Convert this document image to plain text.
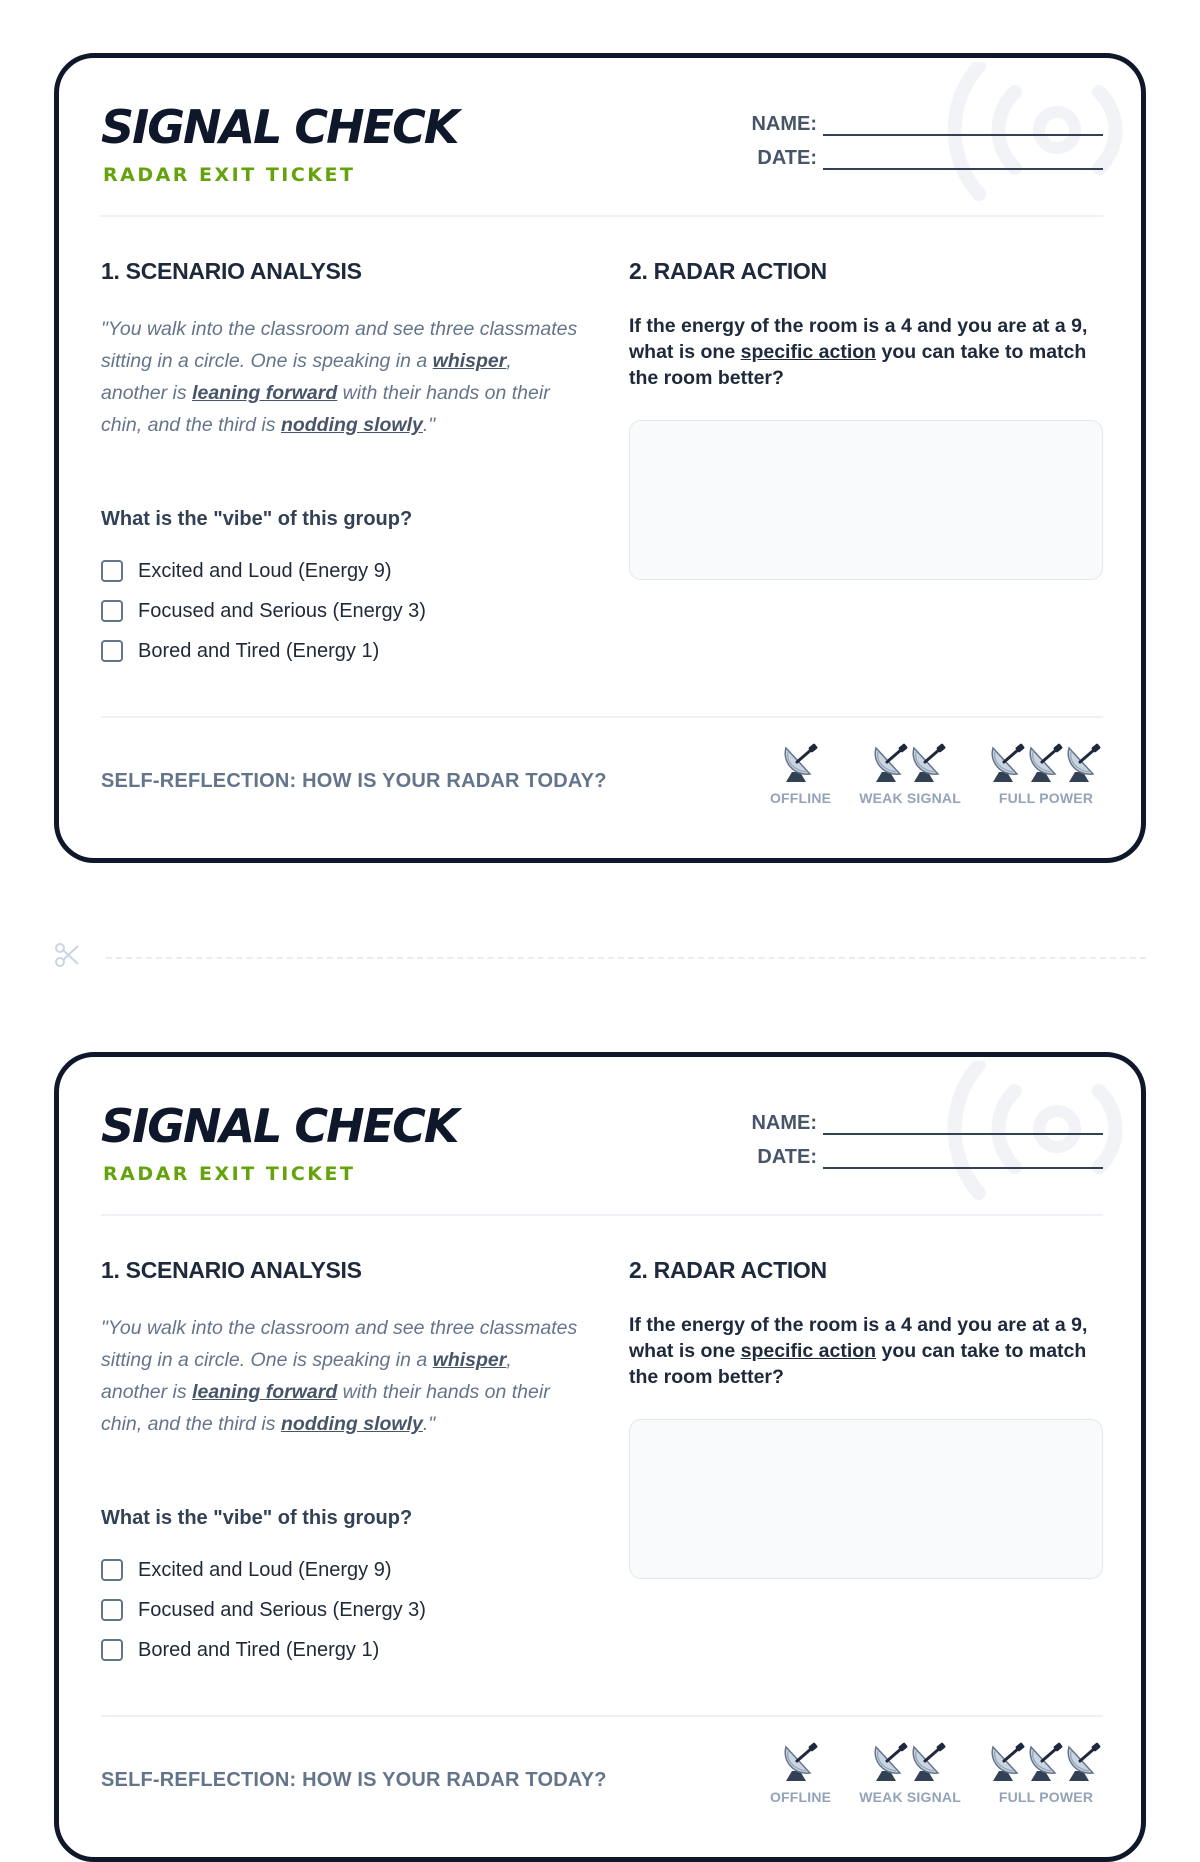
SIGNAL CHECK
RADAR EXIT TICKET
NAME:
DATE:
1. SCENARIO ANALYSIS

"You walk into the classroom and see three classmates sitting in a circle. One is speaking in a whisper, another is leaning forward with their hands on their chin, and the third is nodding slowly."

What is the "vibe" of this group?

Excited and Loud (Energy 9)
Focused and Serious (Energy 3)
Bored and Tired (Energy 1)
2. RADAR ACTION

If the energy of the room is a 4 and you are at a 9, what is one specific action you can take to match the room better?

SELF-REFLECTION: HOW IS YOUR RADAR TODAY?

OFFLINE WEAK SIGNAL	FULL POWER
SIGNAL CHECK
RADAR EXIT TICKET
NAME:
DATE:
1. SCENARIO ANALYSIS

"You walk into the classroom and see three classmates sitting in a circle. One is speaking in a whisper, another is leaning forward with their hands on their chin, and the third is nodding slowly."

What is the "vibe" of this group?

Excited and Loud (Energy 9)
Focused and Serious (Energy 3)
Bored and Tired (Energy 1)
2. RADAR ACTION

If the energy of the room is a 4 and you are at a 9, what is one specific action you can take to match the room better?

SELF-REFLECTION: HOW IS YOUR RADAR TODAY?

OFFLINE WEAK SIGNAL	FULL POWER
